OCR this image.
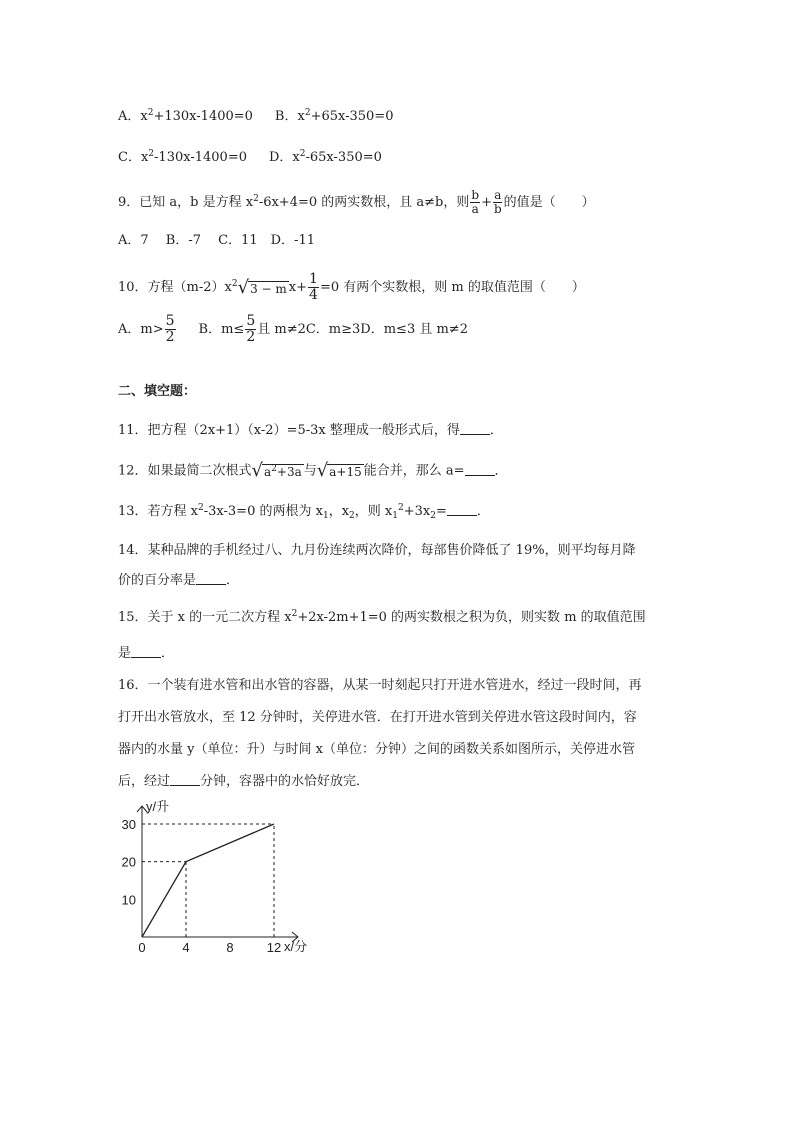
A．$x^2+130x-1400=0$ B．$x^2+65x-350=0$
C．$x^2-130x-1400=0$ D．$x^2-65x-350=0$
9．已知 a，b 是方程 $x^2-6x+4=0$ 的两实数根，且 a≠b，则 $\frac{b}{a} + \frac{a}{b}$ 的值是（　　）
A．7　 B．-7　 C．11　D．-11
10．方程$(m-2)x^2$ √ 3 − m $x+ \frac{1}{4} =0$ 有两个实数根，则 m 的取值范围（　　）
A．$m> \frac{5}{2}$ B．$m\le \frac{5}{2}$ 且 m≠2C．m≥3D．m≤3 且 m≠2
二、填空题：
11．把方程（2x+1）（x-2）=5-3x 整理成一般形式后，得 ．
12．如果最简二次根式 √ $a^2+3a$ 与 √ a+15 能合并，那么 a= ．
13．若方程 $x^2-3x-3=0$ 的两根为 $x_1$，$x_2$，则 $x_1^2+3x_2=$ ．
14．某种品牌的手机经过八、九月份连续两次降价，每部售价降低了 19%，则平均每月降
价的百分率是 ．
15．关于 x 的一元二次方程 $x^2+2x-2m+1=0$ 的两实数根之积为负，则实数 m 的取值范围
是 ．
16．一个装有进水管和出水管的容器，从某一时刻起只打开进水管进水，经过一段时间，再
打开出水管放水，至 12 分钟时，关停进水管．在打开进水管到关停进水管这段时间内，容
器内的水量 y（单位：升）与时间 x（单位：分钟）之间的函数关系如图所示，关停进水管
后，经过 分钟，容器中的水恰好放完．
0	4	8	12
10
20
30
x/分
y/升
